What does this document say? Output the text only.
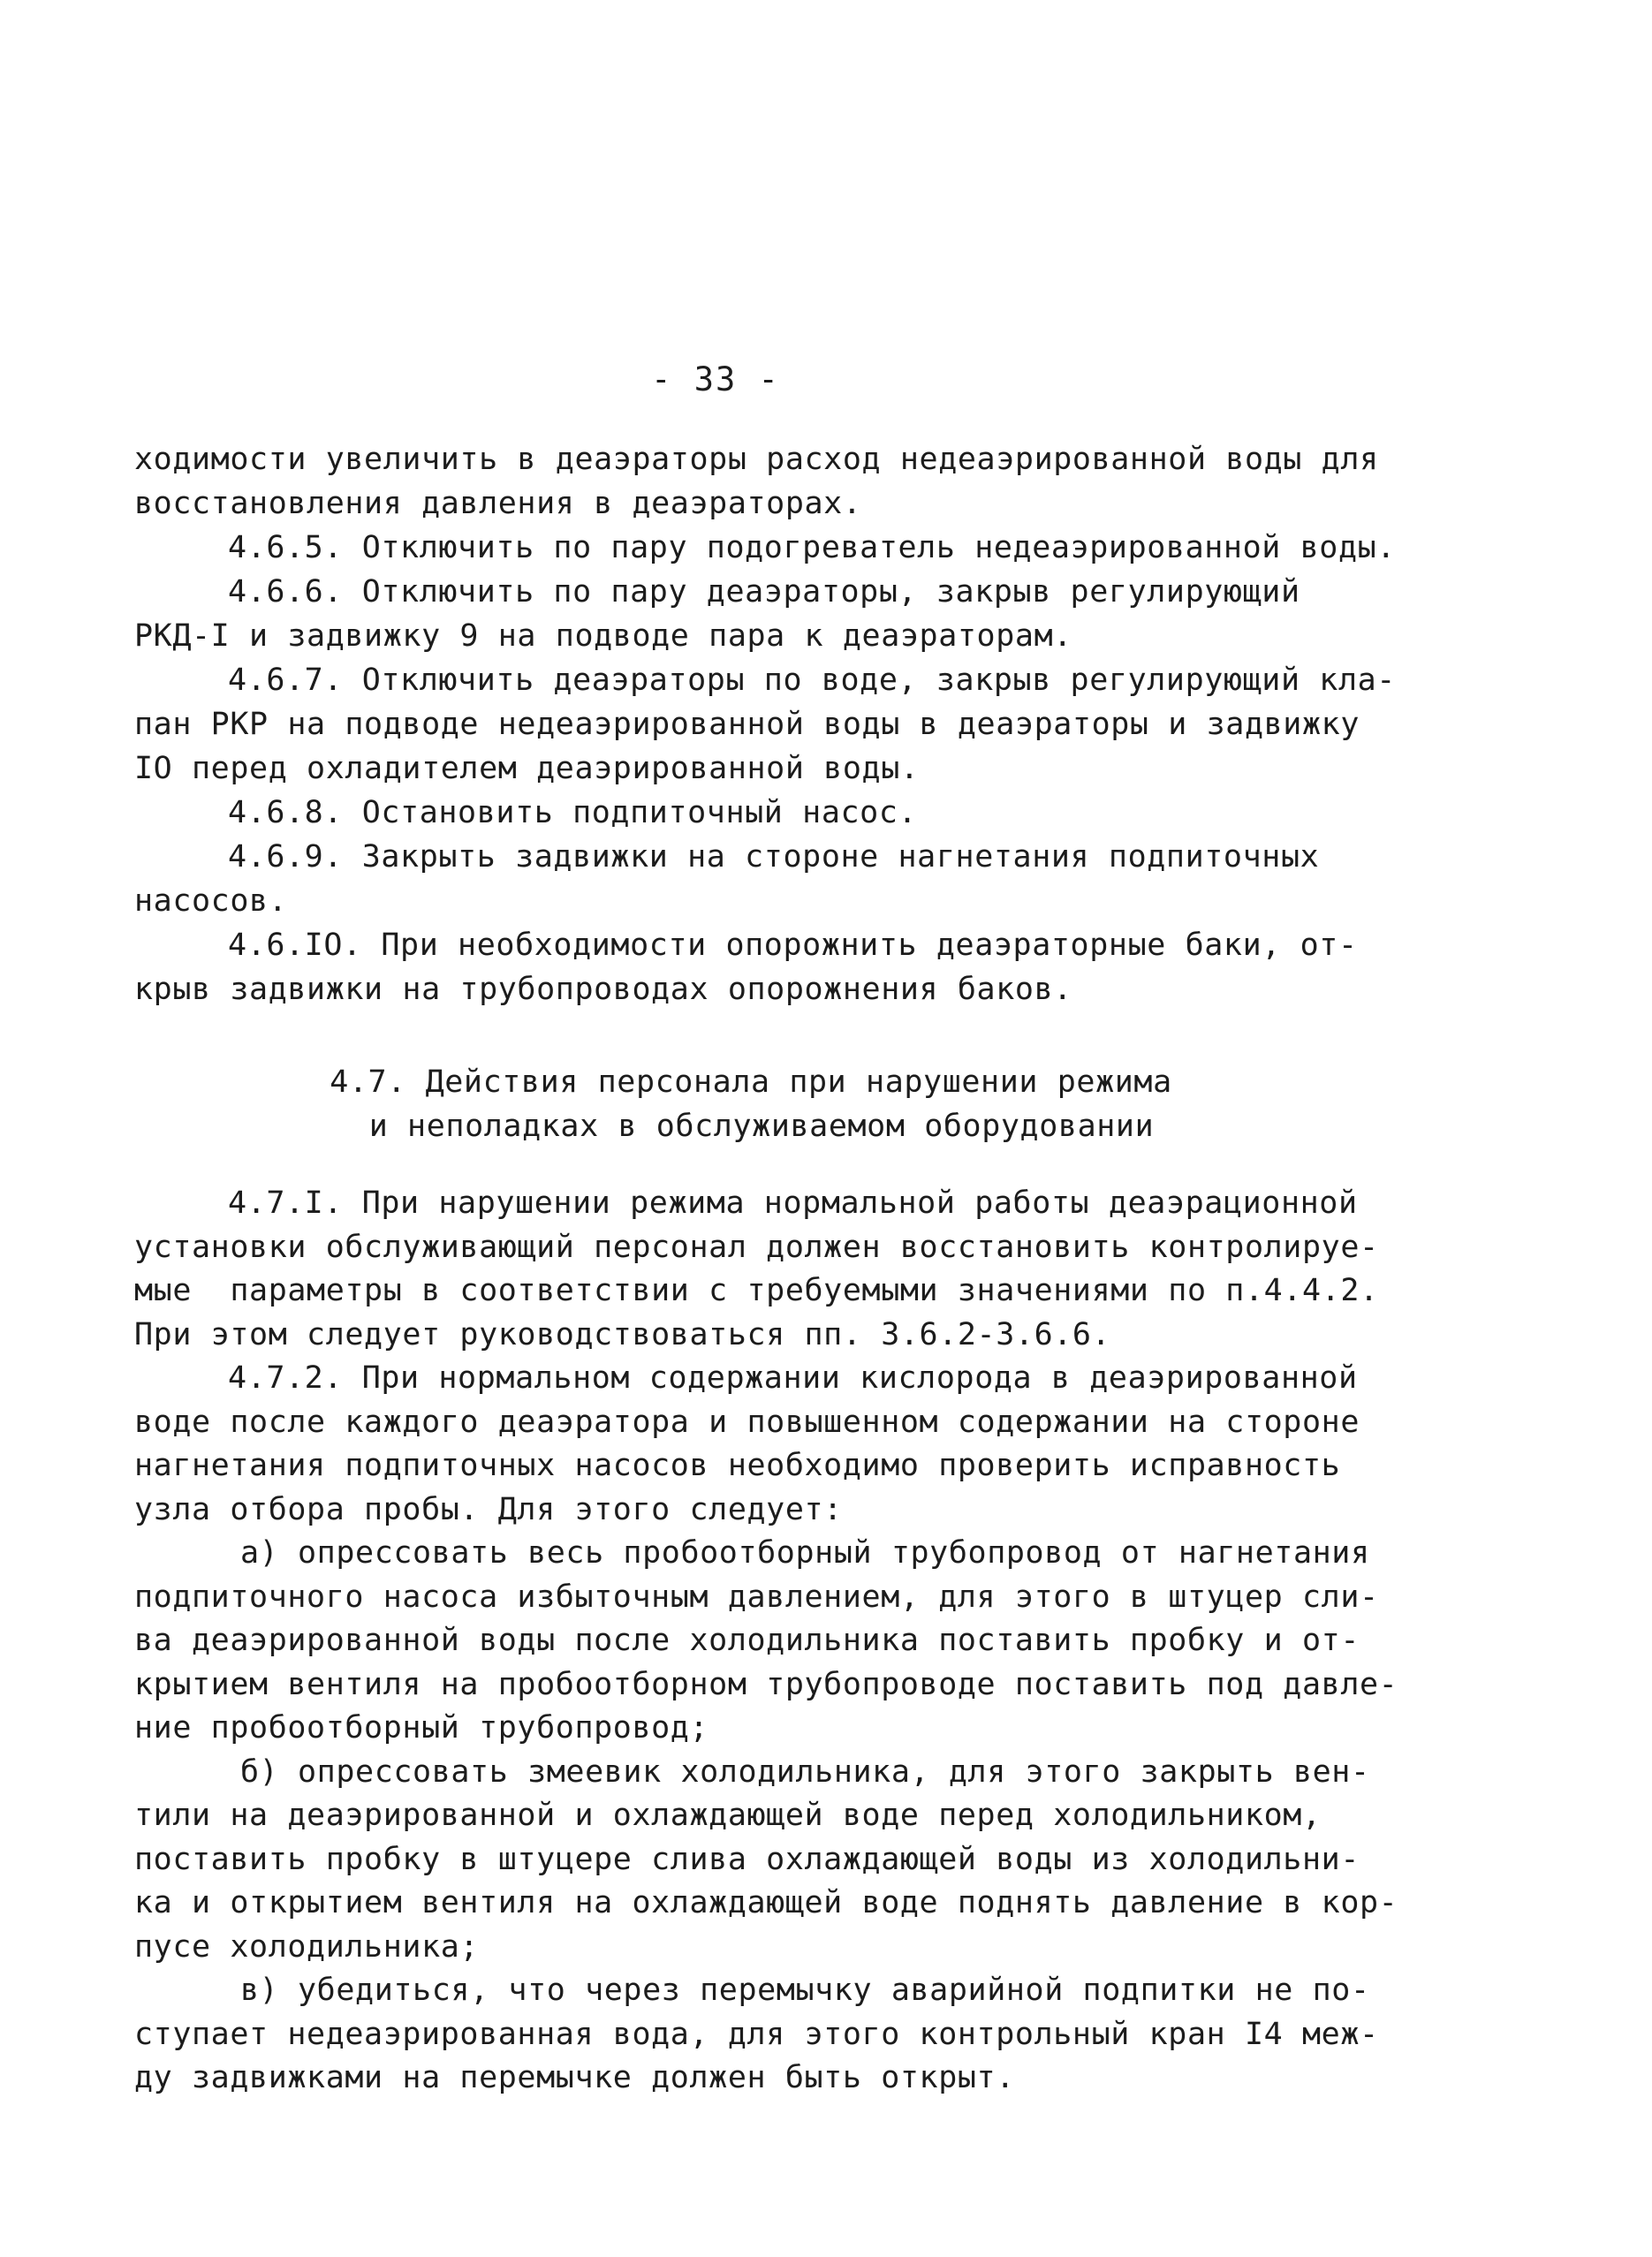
- 33 -

ходимости увеличить в деаэраторы расход недеаэрированной воды для

восстановления давления в деаэраторах.

4.6.5. Отключить по пару подогреватель недеаэрированной воды.

4.6.6. Отключить по пару деаэраторы, закрыв регулирующий

РКД-I и задвижку 9 на подводе пара к деаэраторам.

4.6.7. Отключить деаэраторы по воде, закрыв регулирующий кла-

пан РКР на подводе недеаэрированной воды в деаэраторы и задвижку

IO перед охладителем деаэрированной воды.

4.6.8. Остановить подпиточный насос.

4.6.9. Закрыть задвижки на стороне нагнетания подпиточных

насосов.

4.6.IO. При необходимости опорожнить деаэраторные баки, от-

крыв задвижки на трубопроводах опорожнения баков.

4.7. Действия персонала при нарушении режима

и неполадках в обслуживаемом оборудовании

4.7.I. При нарушении режима нормальной работы деаэрационной

установки обслуживающий персонал должен восстановить контролируе-

мые  параметры в соответствии с требуемыми значениями по п.4.4.2.

При этом следует руководствоваться пп. 3.6.2-3.6.6.

4.7.2. При нормальном содержании кислорода в деаэрированной

воде после каждого деаэратора и повышенном содержании на стороне

нагнетания подпиточных насосов необходимо проверить исправность

узла отбора пробы. Для этого следует:

а) опрессовать весь пробоотборный трубопровод от нагнетания

подпиточного насоса избыточным давлением, для этого в штуцер сли-

ва деаэрированной воды после холодильника поставить пробку и от-

крытием вентиля на пробоотборном трубопроводе поставить под давле-

ние пробоотборный трубопровод;

б) опрессовать змеевик холодильника, для этого закрыть вен-

тили на деаэрированной и охлаждающей воде перед холодильником,

поставить пробку в штуцере слива охлаждающей воды из холодильни-

ка и открытием вентиля на охлаждающей воде поднять давление в кор-

пусе холодильника;

в) убедиться, что через перемычку аварийной подпитки не по-

ступает недеаэрированная вода, для этого контрольный кран I4 меж-

ду задвижками на перемычке должен быть открыт.
